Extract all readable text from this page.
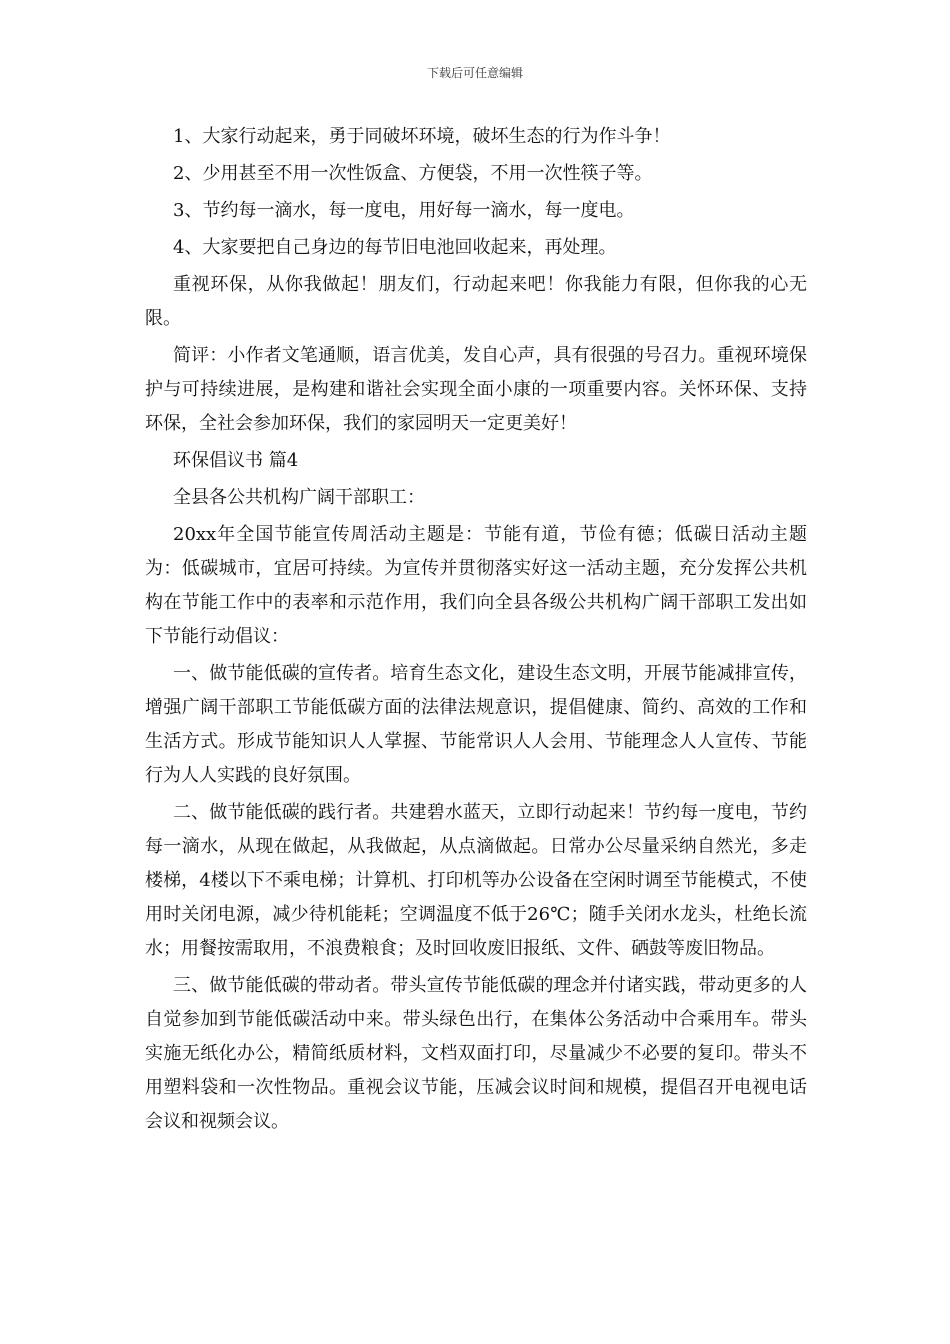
下载后可任意编辑

1、大家行动起来，勇于同破坏环境，破坏生态的行为作斗争！

2、少用甚至不用一次性饭盒、方便袋，不用一次性筷子等。

3、节约每一滴水，每一度电，用好每一滴水，每一度电。

4、大家要把自己身边的每节旧电池回收起来，再处理。

重视环保，从你我做起！朋友们，行动起来吧！你我能力有限，但你我的心无限。

简评：小作者文笔通顺，语言优美，发自心声，具有很强的号召力。重视环境保护与可持续进展，是构建和谐社会实现全面小康的一项重要内容。关怀环保、支持环保，全社会参加环保，我们的家园明天一定更美好！

环保倡议书 篇4

全县各公共机构广阔干部职工：

20xx年全国节能宣传周活动主题是：节能有道，节俭有德；低碳日活动主题为：低碳城市，宜居可持续。为宣传并贯彻落实好这一活动主题，充分发挥公共机构在节能工作中的表率和示范作用，我们向全县各级公共机构广阔干部职工发出如下节能行动倡议：

一、做节能低碳的宣传者。培育生态文化，建设生态文明，开展节能减排宣传，增强广阔干部职工节能低碳方面的法律法规意识，提倡健康、简约、高效的工作和生活方式。形成节能知识人人掌握、节能常识人人会用、节能理念人人宣传、节能行为人人实践的良好氛围。

二、做节能低碳的践行者。共建碧水蓝天，立即行动起来！节约每一度电，节约每一滴水，从现在做起，从我做起，从点滴做起。日常办公尽量采纳自然光，多走楼梯，4楼以下不乘电梯；计算机、打印机等办公设备在空闲时调至节能模式，不使用时关闭电源，减少待机能耗；空调温度不低于26℃；随手关闭水龙头，杜绝长流水；用餐按需取用，不浪费粮食；及时回收废旧报纸、文件、硒鼓等废旧物品。

三、做节能低碳的带动者。带头宣传节能低碳的理念并付诸实践，带动更多的人自觉参加到节能低碳活动中来。带头绿色出行，在集体公务活动中合乘用车。带头实施无纸化办公，精简纸质材料，文档双面打印，尽量减少不必要的复印。带头不用塑料袋和一次性物品。重视会议节能，压减会议时间和规模，提倡召开电视电话会议和视频会议。
